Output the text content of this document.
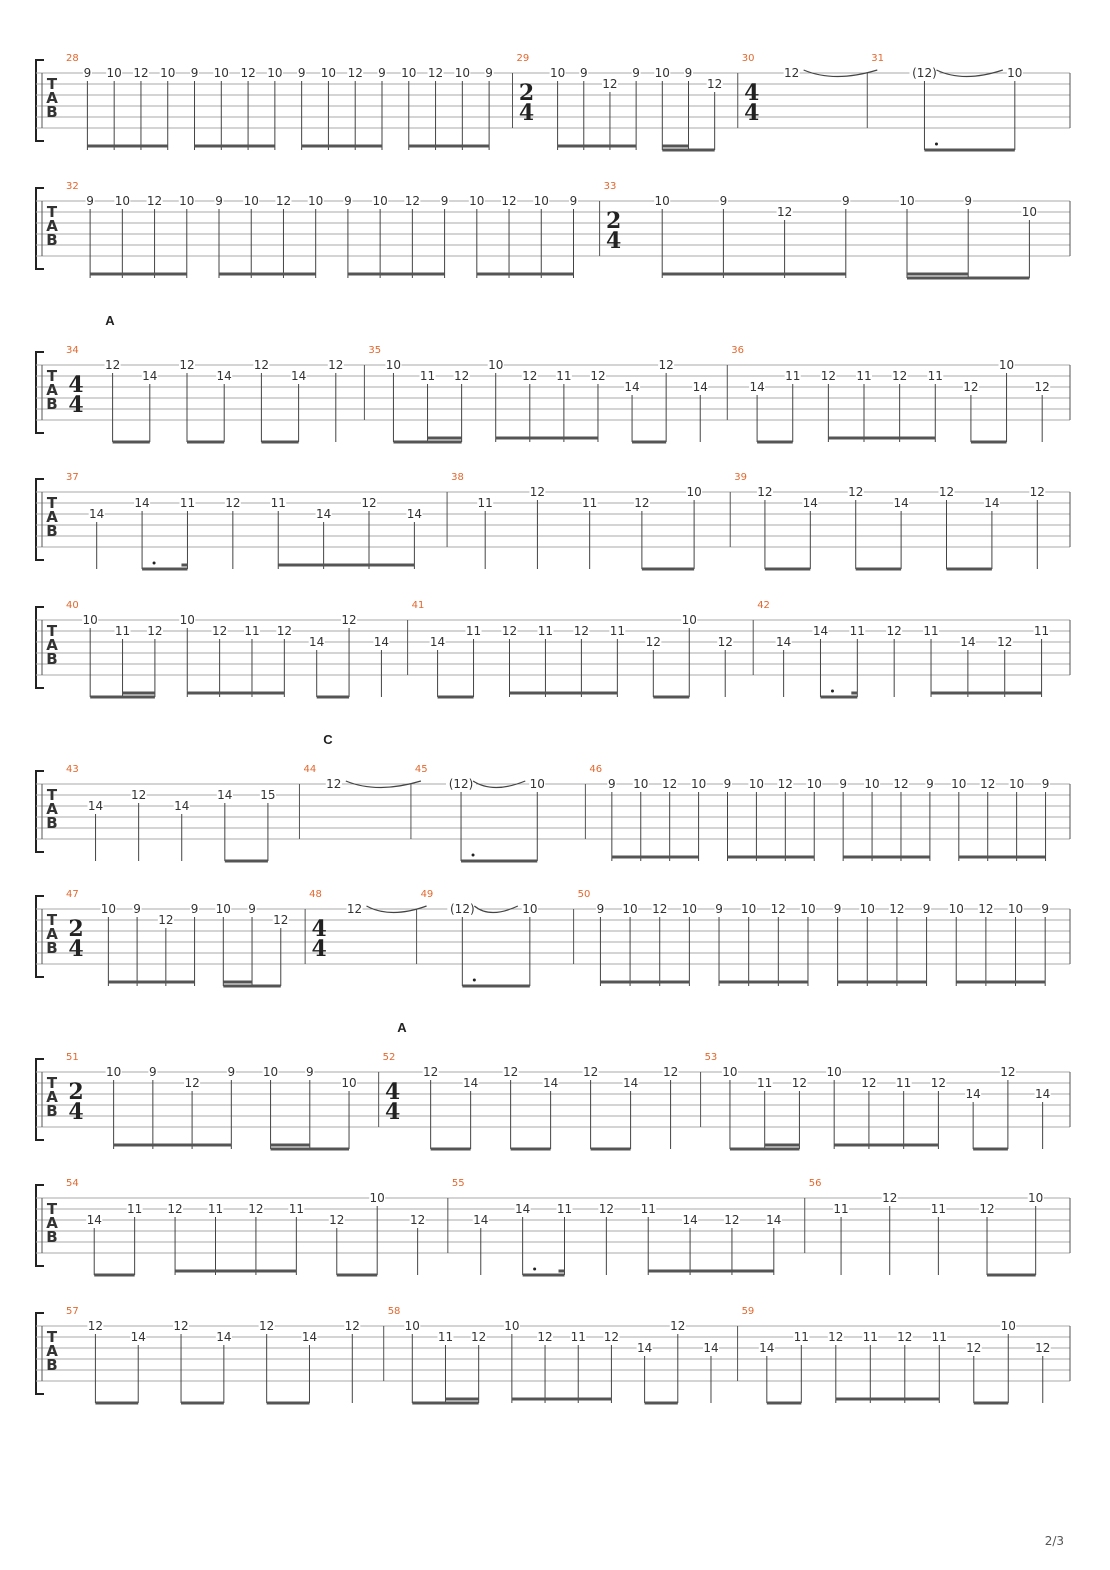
T
A
B
28
9 10 12 10 9 10 12 10 9 10 12 9 10 12 10 9
29
2
4
10 9
12
9 10 9
12
30
4
4
12
31
(12)	10
T
A
B
32
9 10 12 10 9 10 12 10 9 10 12 9 10 12 10 9
33
2
4
10	9
12
9	10	9
10
T
A
B
A
34
4
4
12
14
12
14
12
14
12
35
10
11 12
10
12 11 12
14
12
14
36
14
11 12 11 12 11
12
10
12
T
A
B
37
14
14	11	12	11
14
12
14
38
11
12
11	12
10
39
12
14
12
14
12
14
12
T
A
B
40
10
11 12
10
12 11 12
14
12
14
41
14
11 12 11 12 11
12
10
12
42
14
14 11 12 11
14 12
11
T
A
B
C
43
14
12
14
14 15
44
12
45
(12)	10
46
9 10 12 10 9 10 12 10 9 10 12 9 10 12 10 9
T
A
B
47
2
4
10 9
12
9 10 9
12
48
4
4
12
49
(12)	10
50
9 10 12 10 9 10 12 10 9 10 12 9 10 12 10 9
T
A
B
A
51
2
4
10 9
12
9 10 9
10
52
4
4
12
14
12
14
12
14
12
53
10
11 12
10
12 11 12
14
12
14
T
A
B
54
14
11 12 11 12 11
12
10
12
55
14
14 11 12 11
14 12 14
56
11
12
11	12
10
T
A
B
57
12
14
12
14
12
14
12
58
10
11 12
10
12 11 12
14
12
14
59
14
11 12 11 12 11
12
10
12
2/3
